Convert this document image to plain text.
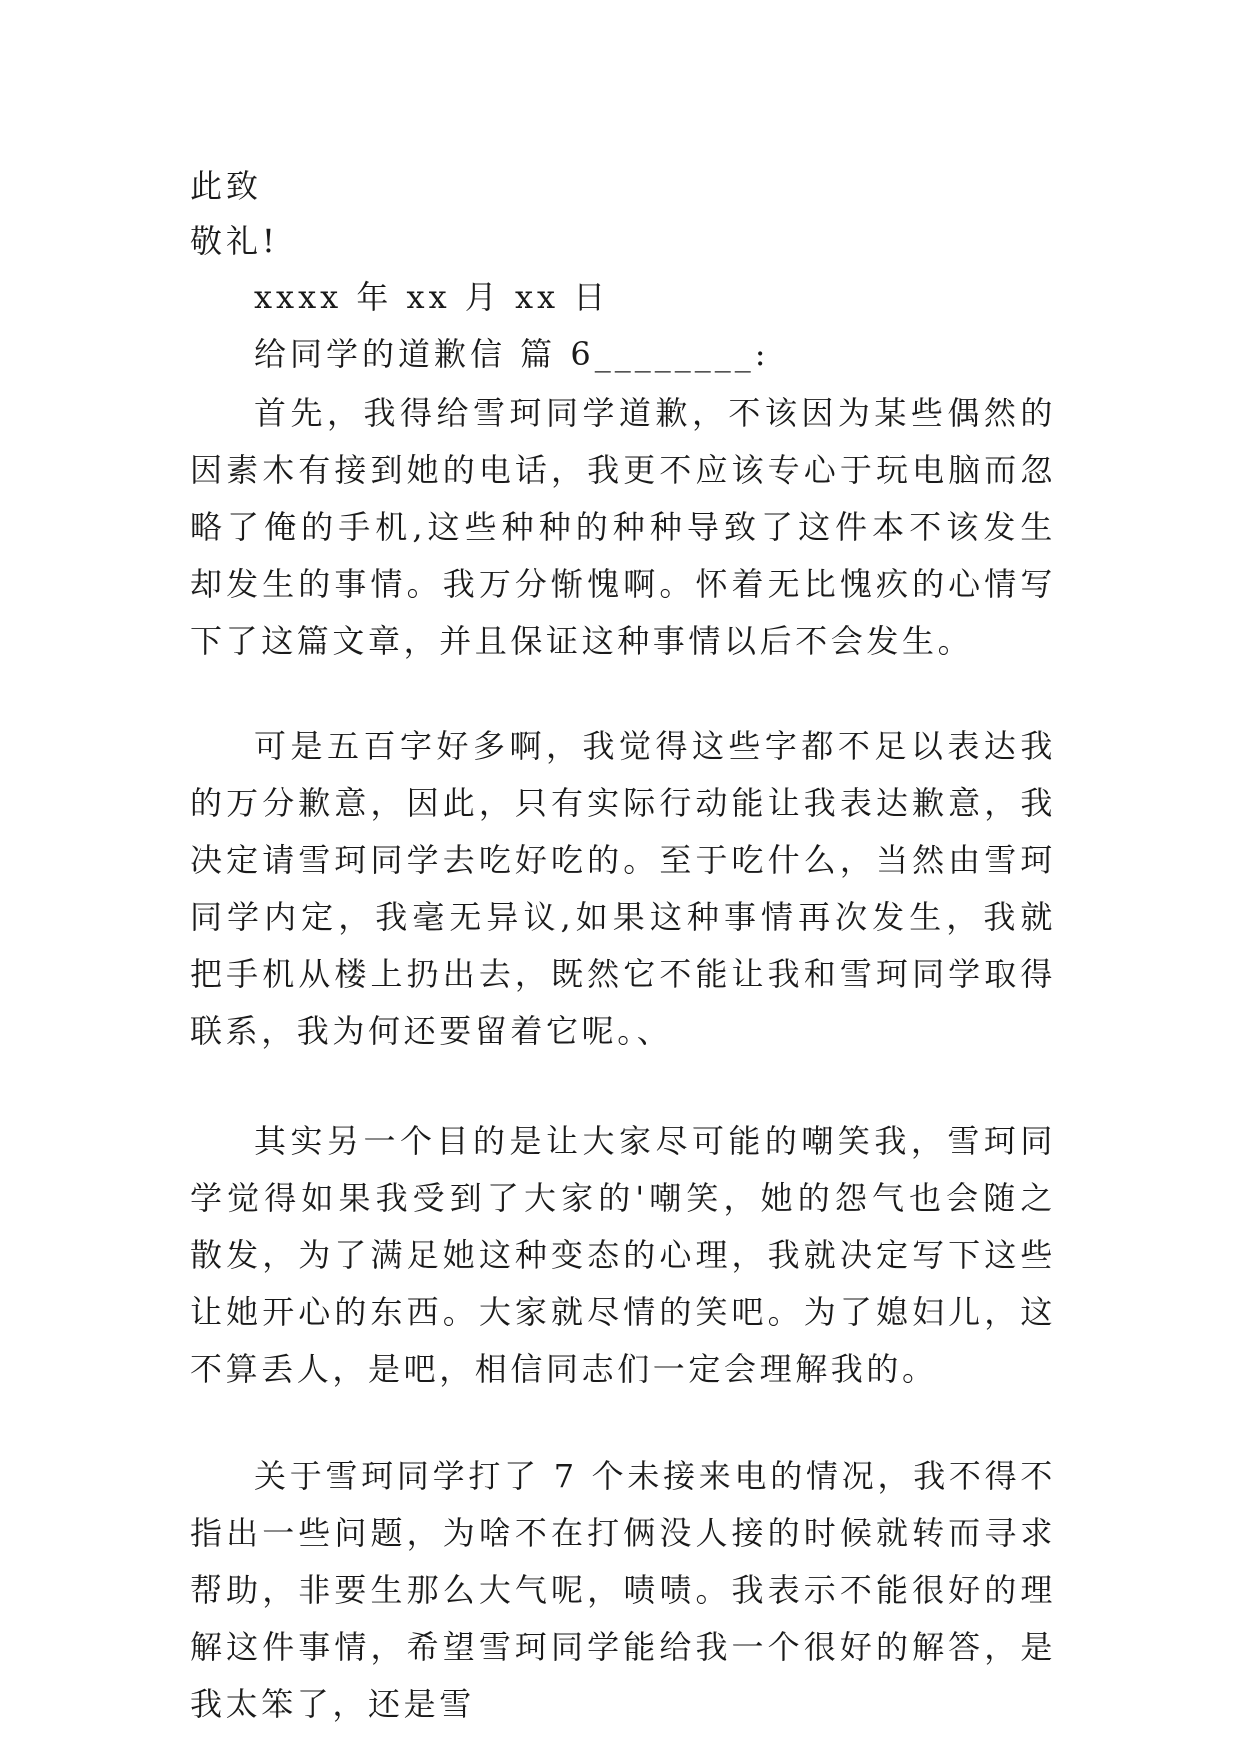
此致
敬礼!
xxxx 年 xx 月 xx 日
给同学的道歉信 篇 6________:

首先，我得给雪珂同学道歉，不该因为某些偶然的因素木有接到她的电话，我更不应该专心于玩电脑而忽略了俺的手机,这些种种的种种导致了这件本不该发生却发生的事情。我万分惭愧啊。怀着无比愧疚的心情写下了这篇文章，并且保证这种事情以后不会发生。

可是五百字好多啊，我觉得这些字都不足以表达我的万分歉意，因此，只有实际行动能让我表达歉意，我决定请雪珂同学去吃好吃的。至于吃什么，当然由雪珂同学内定，我毫无异议,如果这种事情再次发生，我就把手机从楼上扔出去，既然它不能让我和雪珂同学取得联系，我为何还要留着它呢。、

其实另一个目的是让大家尽可能的嘲笑我，雪珂同学觉得如果我受到了大家的'嘲笑，她的怨气也会随之散发，为了满足她这种变态的心理，我就决定写下这些让她开心的东西。大家就尽情的笑吧。为了媳妇儿，这不算丢人，是吧，相信同志们一定会理解我的。

关于雪珂同学打了 7 个未接来电的情况，我不得不指出一些问题，为啥不在打俩没人接的时候就转而寻求帮助，非要生那么大气呢，啧啧。我表示不能很好的理解这件事情，希望雪珂同学能给我一个很好的解答，是我太笨了，还是雪
